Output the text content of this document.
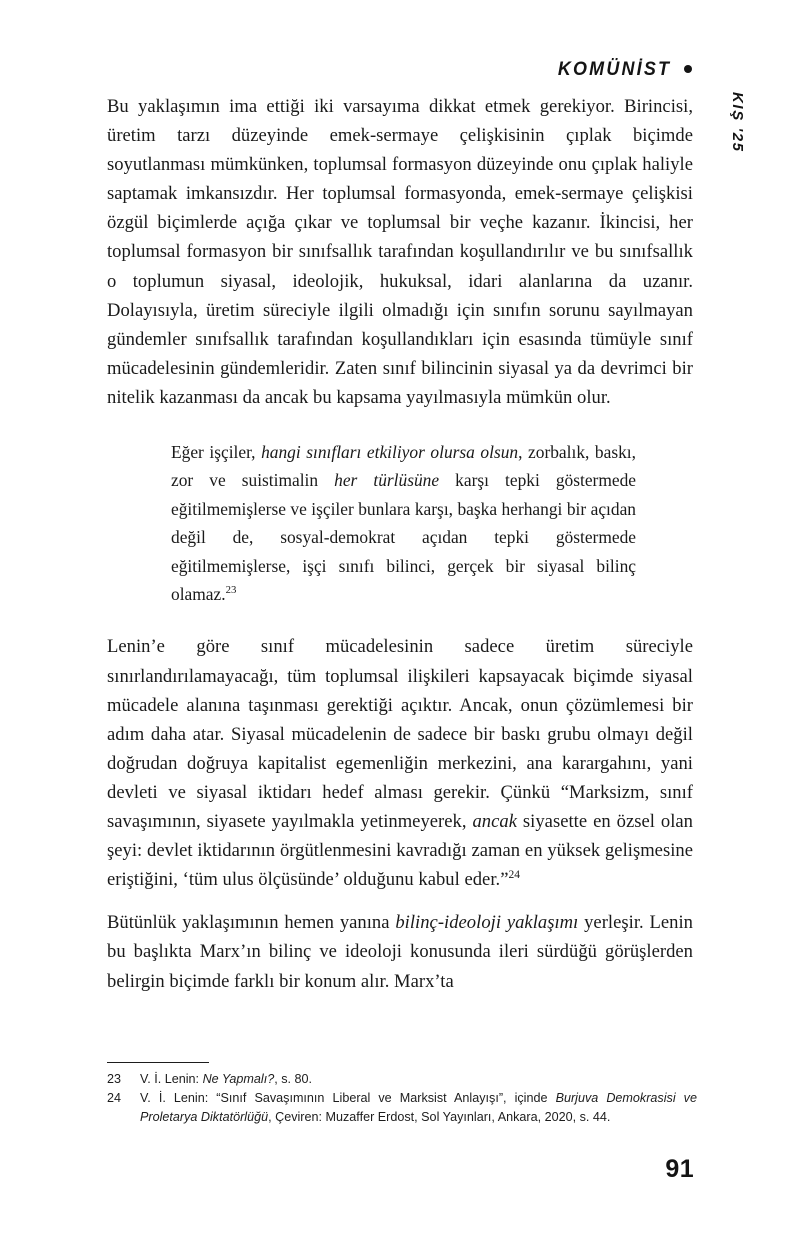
KOMÜNİST
KIŞ '25

Bu yaklaşımın ima ettiği iki varsayıma dikkat etmek gerekiyor. Birincisi, üretim tarzı düzeyinde emek-sermaye çelişkisinin çıplak biçimde soyutlanması mümkünken, toplumsal formasyon düzeyinde onu çıplak haliyle saptamak imkansızdır. Her toplumsal formasyonda, emek-sermaye çelişkisi özgül biçimlerde açığa çıkar ve toplumsal bir veçhe kazanır. İkincisi, her toplumsal formasyon bir sınıfsallık tarafından koşullandırılır ve bu sınıfsallık o toplumun siyasal, ideolojik, hukuksal, idari alanlarına da uzanır. Dolayısıyla, üretim süreciyle ilgili olmadığı için sınıfın sorunu sayılmayan gündemler sınıfsallık tarafından koşullandıkları için esasında tümüyle sınıf mücadelesinin gündemleridir. Zaten sınıf bilincinin siyasal ya da devrimci bir nitelik kazanması da ancak bu kapsama yayılmasıyla mümkün olur.

Eğer işçiler, hangi sınıfları etkiliyor olursa olsun, zorbalık, baskı, zor ve suistimalin her türlüsüne karşı tepki göstermede eğitilmemişlerse ve işçiler bunlara karşı, başka herhangi bir açıdan değil de, sosyal-demokrat açıdan tepki göstermede eğitilmemişlerse, işçi sınıfı bilinci, gerçek bir siyasal bilinç olamaz.$^{23}$

Lenin’e göre sınıf mücadelesinin sadece üretim süreciyle sınırlandırılamayacağı, tüm toplumsal ilişkileri kapsayacak biçimde siyasal mücadele alanına taşınması gerektiği açıktır. Ancak, onun çözümlemesi bir adım daha atar. Siyasal mücadelenin de sadece bir baskı grubu olmayı değil doğrudan doğruya kapitalist egemenliğin merkezini, ana karargahını, yani devleti ve siyasal iktidarı hedef alması gerekir. Çünkü “Marksizm, sınıf savaşımının, siyasete yayılmakla yetinmeyerek, ancak siyasette en özsel olan şeyi: devlet iktidarının örgütlenmesini kavradığı zaman en yüksek gelişmesine eriştiğini, ‘tüm ulus ölçüsünde’ olduğunu kabul eder.”$^{24}$

Bütünlük yaklaşımının hemen yanına bilinç-ideoloji yaklaşımı yerleşir. Lenin bu başlıkta Marx’ın bilinç ve ideoloji konusunda ileri sürdüğü görüşlerden belirgin biçimde farklı bir konum alır. Marx’ta

23	V. İ. Lenin: Ne Yapmalı?, s. 80.
24	V. İ. Lenin: “Sınıf Savaşımının Liberal ve Marksist Anlayışı”, içinde Burjuva Demokrasisi ve Proletarya Diktatörlüğü, Çeviren: Muzaffer Erdost, Sol Yayınları, Ankara, 2020, s. 44.
91
